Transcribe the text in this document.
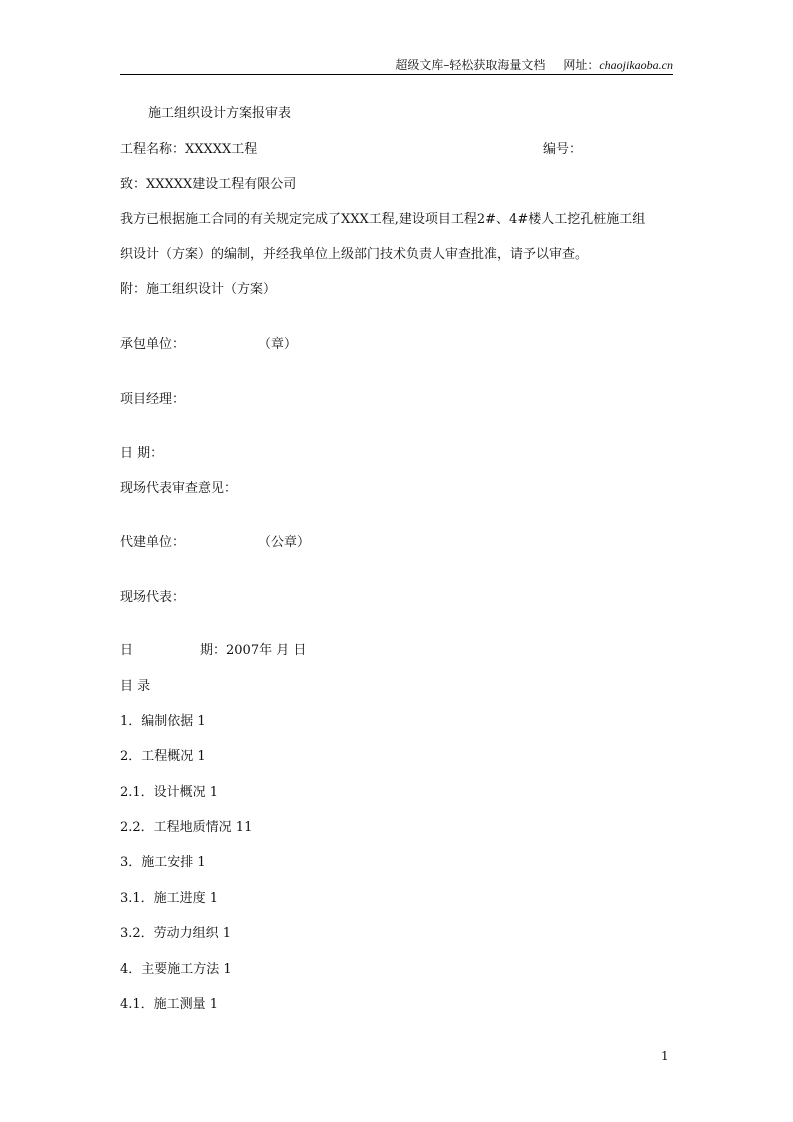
超级文库–轻松获取海量文档 网址：chaojikaoba.cn
施工组织设计方案报审表
工程名称：XXXXX工程	编号：
致：XXXXX建设工程有限公司
我方已根据施工合同的有关规定完成了XXX工程,建设项目工程2#、4#楼人工挖孔桩施工组
织设计（方案）的编制，并经我单位上级部门技术负责人审查批准，请予以审查。
附：施工组织设计（方案）
承包单位：	（章）
项目经理：
日 期：
现场代表审查意见：
代建单位：	（公章）
现场代表：
日	期：2007年 月 日
目 录
1．编制依据 1
2．工程概况 1
2.1．设计概况 1
2.2．工程地质情况 11
3．施工安排 1
3.1．施工进度 1
3.2．劳动力组织 1
4．主要施工方法 1
4.1．施工测量 1
1
